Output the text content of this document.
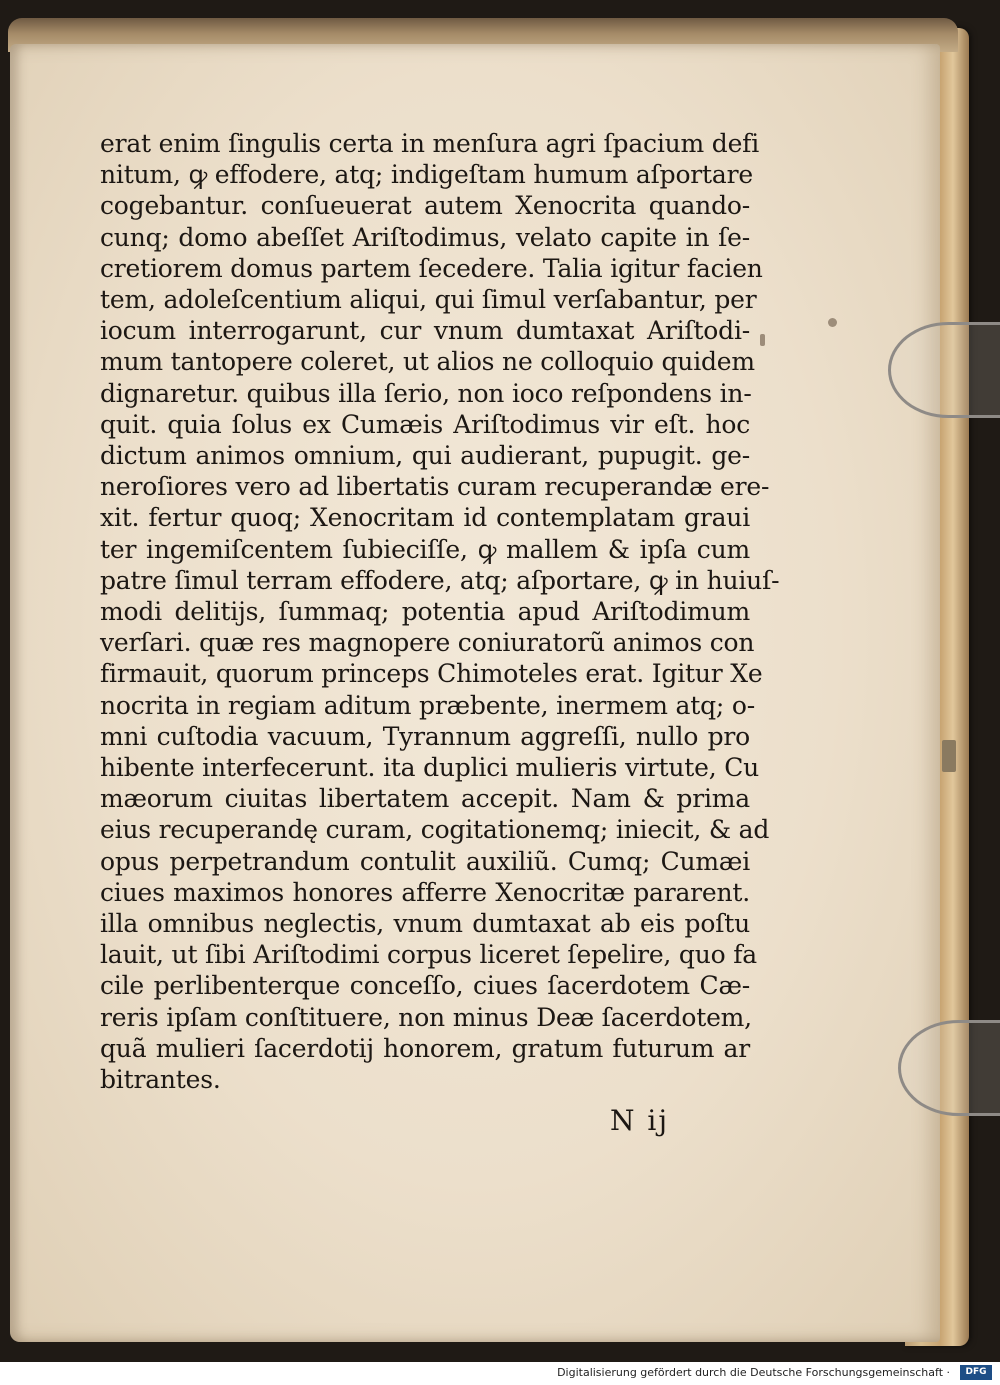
erat enim ſingulis certa in menſura agri ſpacium defi
nitum, ꝙ effodere, atq; indigeſtam humum aſportare
cogebantur. conſueuerat autem Xenocrita quando-
cunq; domo abeſſet Ariſtodimus, velato capite in ſe-
cretiorem domus partem ſecedere. Talia igitur facien
tem, adoleſcentium aliqui, qui ſimul verſabantur, per
iocum interrogarunt, cur vnum dumtaxat Ariſtodi-
mum tantopere coleret, ut alios ne colloquio quidem
dignaretur. quibus illa ſerio, non ioco reſpondens in-
quit. quia ſolus ex Cumæis Ariſtodimus vir eſt. hoc
dictum animos omnium, qui audierant, pupugit. ge-
neroſiores vero ad libertatis curam recuperandæ ere-
xit. fertur quoq; Xenocritam id contemplatam graui
ter ingemiſcentem ſubieciſſe, ꝙ mallem & ipſa cum
patre ſimul terram effodere, atq; aſportare, ꝙ in huiuſ-
modi delitijs, ſummaq; potentia apud Ariſtodimum
verſari. quæ res magnopere coniuratorũ animos con
firmauit, quorum princeps Chimoteles erat. Igitur Xe
nocrita in regiam aditum præbente, inermem atq; o-
mni cuſtodia vacuum, Tyrannum aggreſſi, nullo pro
hibente interfecerunt. ita duplici mulieris virtute, Cu
mæorum ciuitas libertatem accepit. Nam & prima
eius recuperandę curam, cogitationemq; iniecit, & ad
opus perpetrandum contulit auxiliũ. Cumq; Cumæi
ciues maximos honores afferre Xenocritæ pararent.
illa omnibus neglectis, vnum dumtaxat ab eis poſtu
lauit, ut ſibi Ariſtodimi corpus liceret ſepelire, quo fa
cile perlibenterque conceſſo, ciues ſacerdotem Cæ-
reris ipſam conſtituere, non minus Deæ ſacerdotem,
quã mulieri ſacerdotij honorem, gratum futurum ar
bitrantes.
N ij
Digitalisierung gefördert durch die Deutsche Forschungsgemeinschaft ·	DFG
